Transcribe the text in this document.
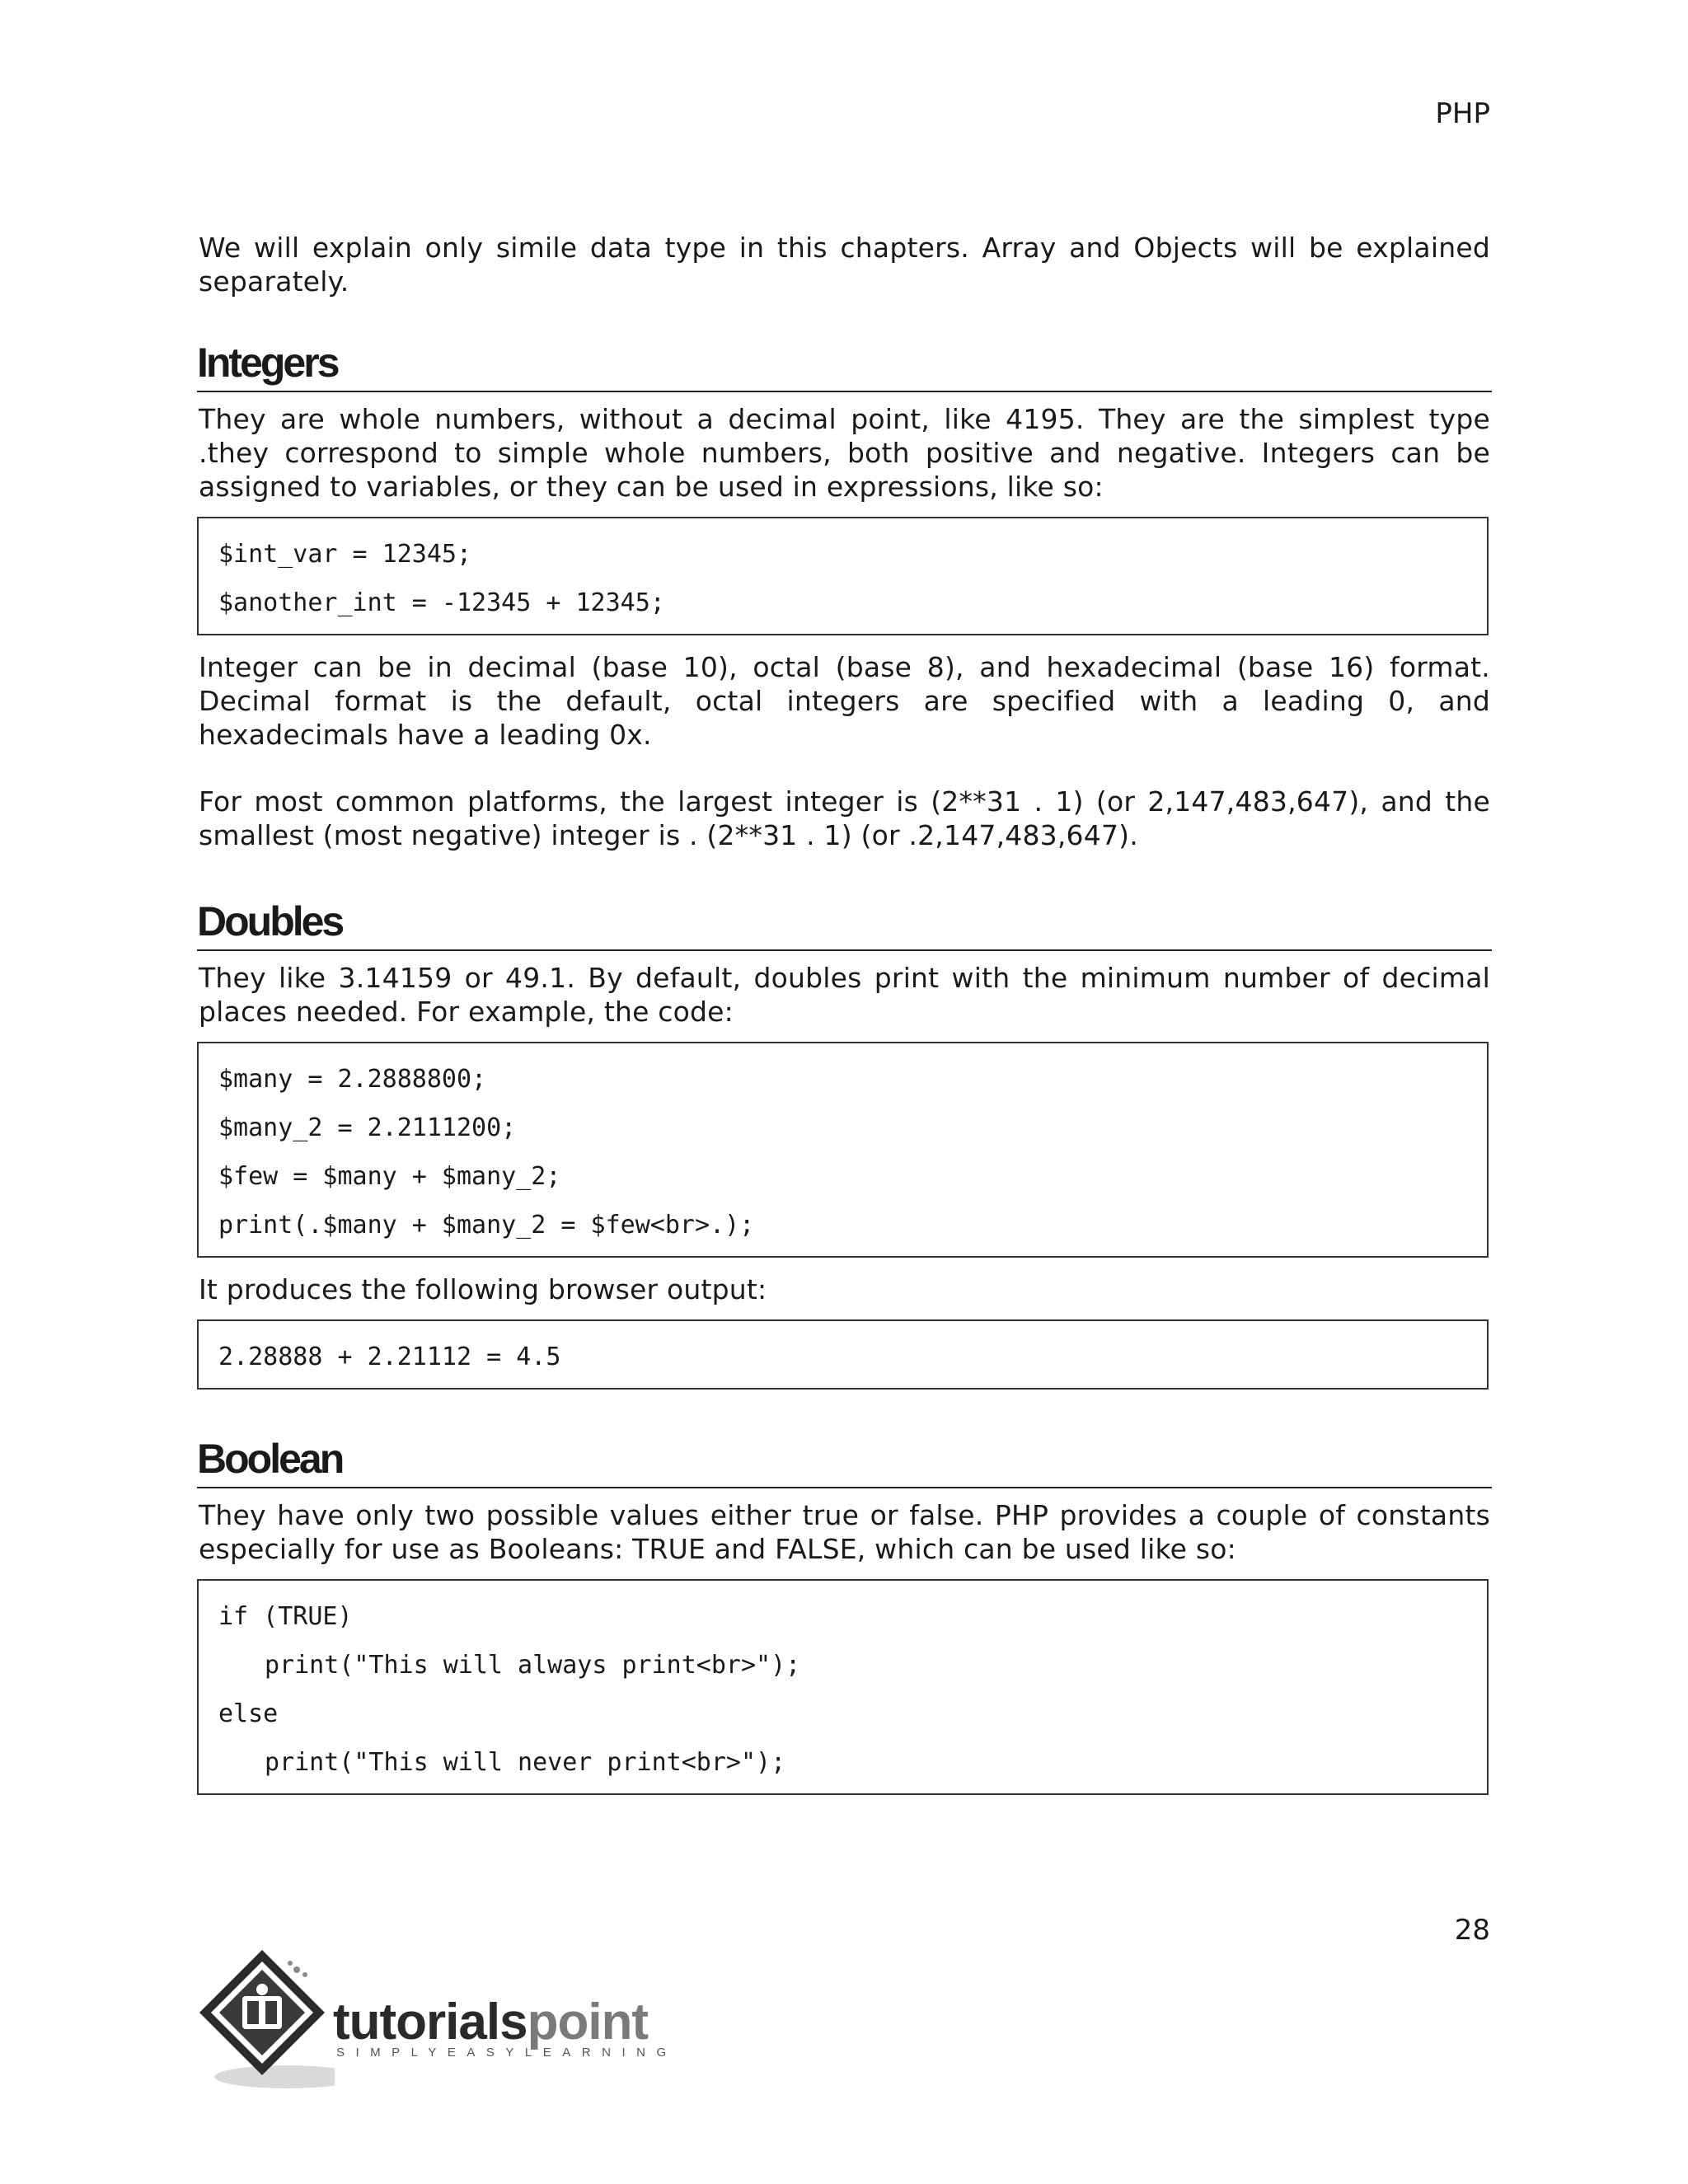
PHP

We will explain only simile data type in this chapters. Array and Objects will be explained separately.

Integers

They are whole numbers, without a decimal point, like 4195. They are the simplest type .they correspond to simple whole numbers, both positive and negative. Integers can be assigned to variables, or they can be used in expressions, like so:

$int_var = 12345;
$another_int = -12345 + 12345;

Integer can be in decimal (base 10), octal (base 8), and hexadecimal (base 16) format. Decimal format is the default, octal integers are specified with a leading 0, and hexadecimals have a leading 0x.

For most common platforms, the largest integer is (2**31 . 1) (or 2,147,483,647), and the smallest (most negative) integer is . (2**31 . 1) (or .2,147,483,647).

Doubles

They like 3.14159 or 49.1. By default, doubles print with the minimum number of decimal places needed. For example, the code:

$many = 2.2888800;
$many_2 = 2.2111200;
$few = $many + $many_2;
print(.$many + $many_2 = $few<br>.);

It produces the following browser output:

2.28888 + 2.21112 = 4.5
Boolean

They have only two possible values either true or false. PHP provides a couple of constants especially for use as Booleans: TRUE and FALSE, which can be used like so:

if (TRUE)
print("This will always print<br>");
else
print("This will never print<br>");
28
tutorialspoint
SIMPLYEASYLEARNING
